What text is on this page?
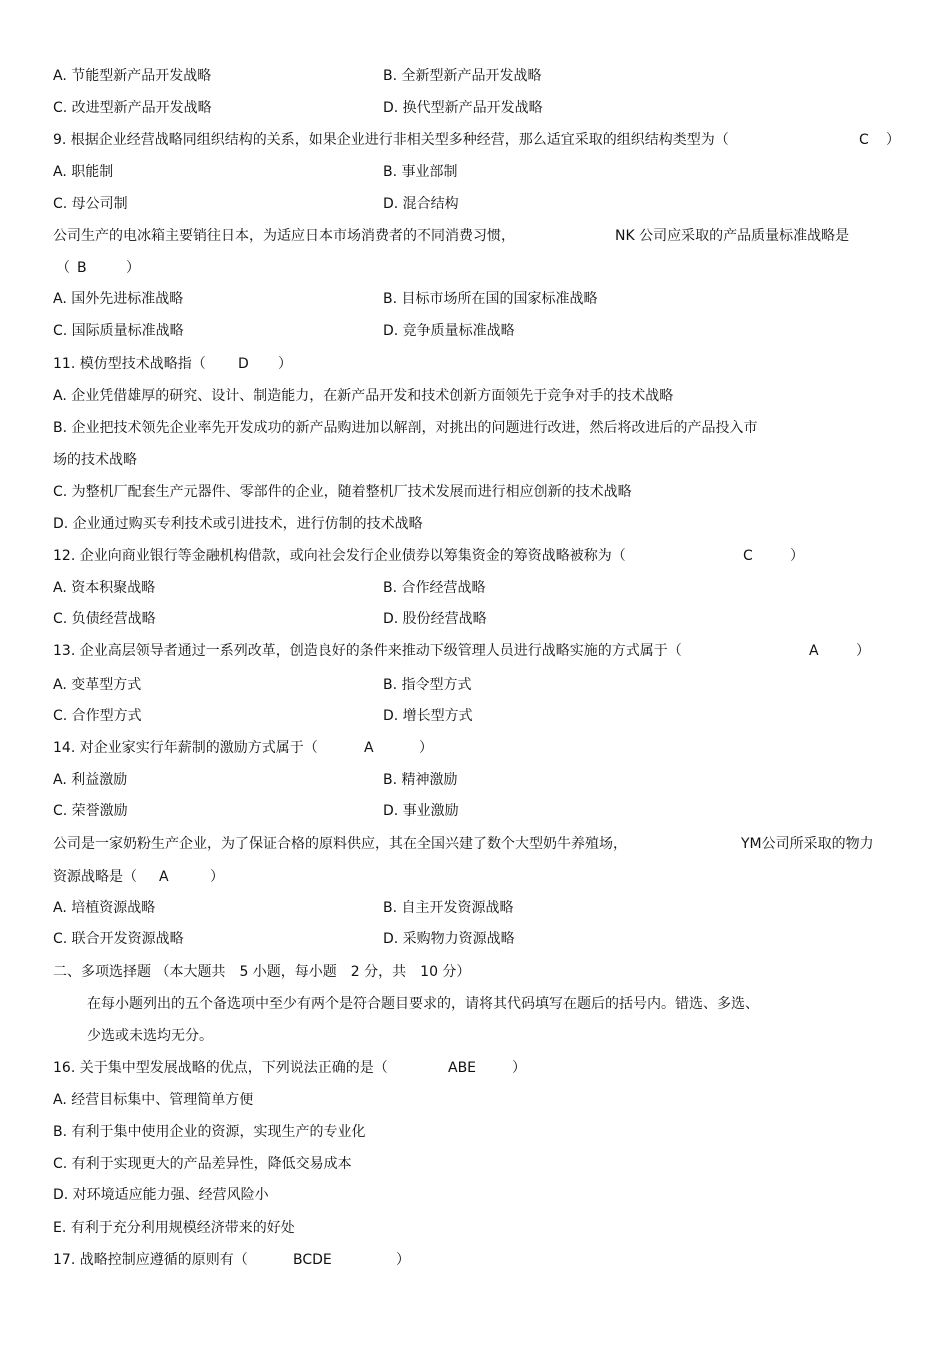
A. 节能型新产品开发战略	B. 全新型新产品开发战略
C. 改进型新产品开发战略	D. 换代型新产品开发战略
9. 根据企业经营战略同组织结构的关系，如果企业进行非相关型多种经营，那么适宜采取的组织结构类型为（	C ）
A. 职能制	B. 事业部制
C. 母公司制	D. 混合结构
公司生产的电冰箱主要销往日本，为适应日本市场消费者的不同消费习惯，	NK 公司应采取的产品质量标准战略是
（ B	）
A. 国外先进标准战略	B. 目标市场所在国的国家标准战略
C. 国际质量标准战略	D. 竞争质量标准战略
11. 模仿型技术战略指（ D ）
A. 企业凭借雄厚的研究、设计、制造能力，在新产品开发和技术创新方面领先于竞争对手的技术战略
B. 企业把技术领先企业率先开发成功的新产品购进加以解剖，对挑出的问题进行改进，然后将改进后的产品投入市
场的技术战略
C. 为整机厂配套生产元器件、零部件的企业，随着整机厂技术发展而进行相应创新的技术战略
D. 企业通过购买专利技术或引进技术，进行仿制的技术战略
12. 企业向商业银行等金融机构借款，或向社会发行企业债券以筹集资金的筹资战略被称为（	C	）
A. 资本积聚战略	B. 合作经营战略
C. 负债经营战略	D. 股份经营战略
13. 企业高层领导者通过一系列改革，创造良好的条件来推动下级管理人员进行战略实施的方式属于（	A	）
A. 变革型方式	B. 指令型方式
C. 合作型方式	D. 增长型方式
14. 对企业家实行年薪制的激励方式属于（	A	）
A. 利益激励	B. 精神激励
C. 荣誉激励	D. 事业激励
公司是一家奶粉生产企业，为了保证合格的原料供应，其在全国兴建了数个大型奶牛养殖场，	YM公司所采取的物力
资源战略是（ A	）
A. 培植资源战略	B. 自主开发资源战略
C. 联合开发资源战略	D. 采购物力资源战略
二、多项选择题 （本大题共　5 小题，每小题　2 分，共　10 分）
在每小题列出的五个备选项中至少有两个是符合题目要求的，请将其代码填写在题后的括号内。错选、多选、
少选或未选均无分。
16. 关于集中型发展战略的优点，下列说法正确的是（	ABE	）
A. 经营目标集中、管理简单方便
B. 有利于集中使用企业的资源，实现生产的专业化
C. 有利于实现更大的产品差异性，降低交易成本
D. 对环境适应能力强、经营风险小
E. 有利于充分利用规模经济带来的好处
17. 战略控制应遵循的原则有（	BCDE	）
